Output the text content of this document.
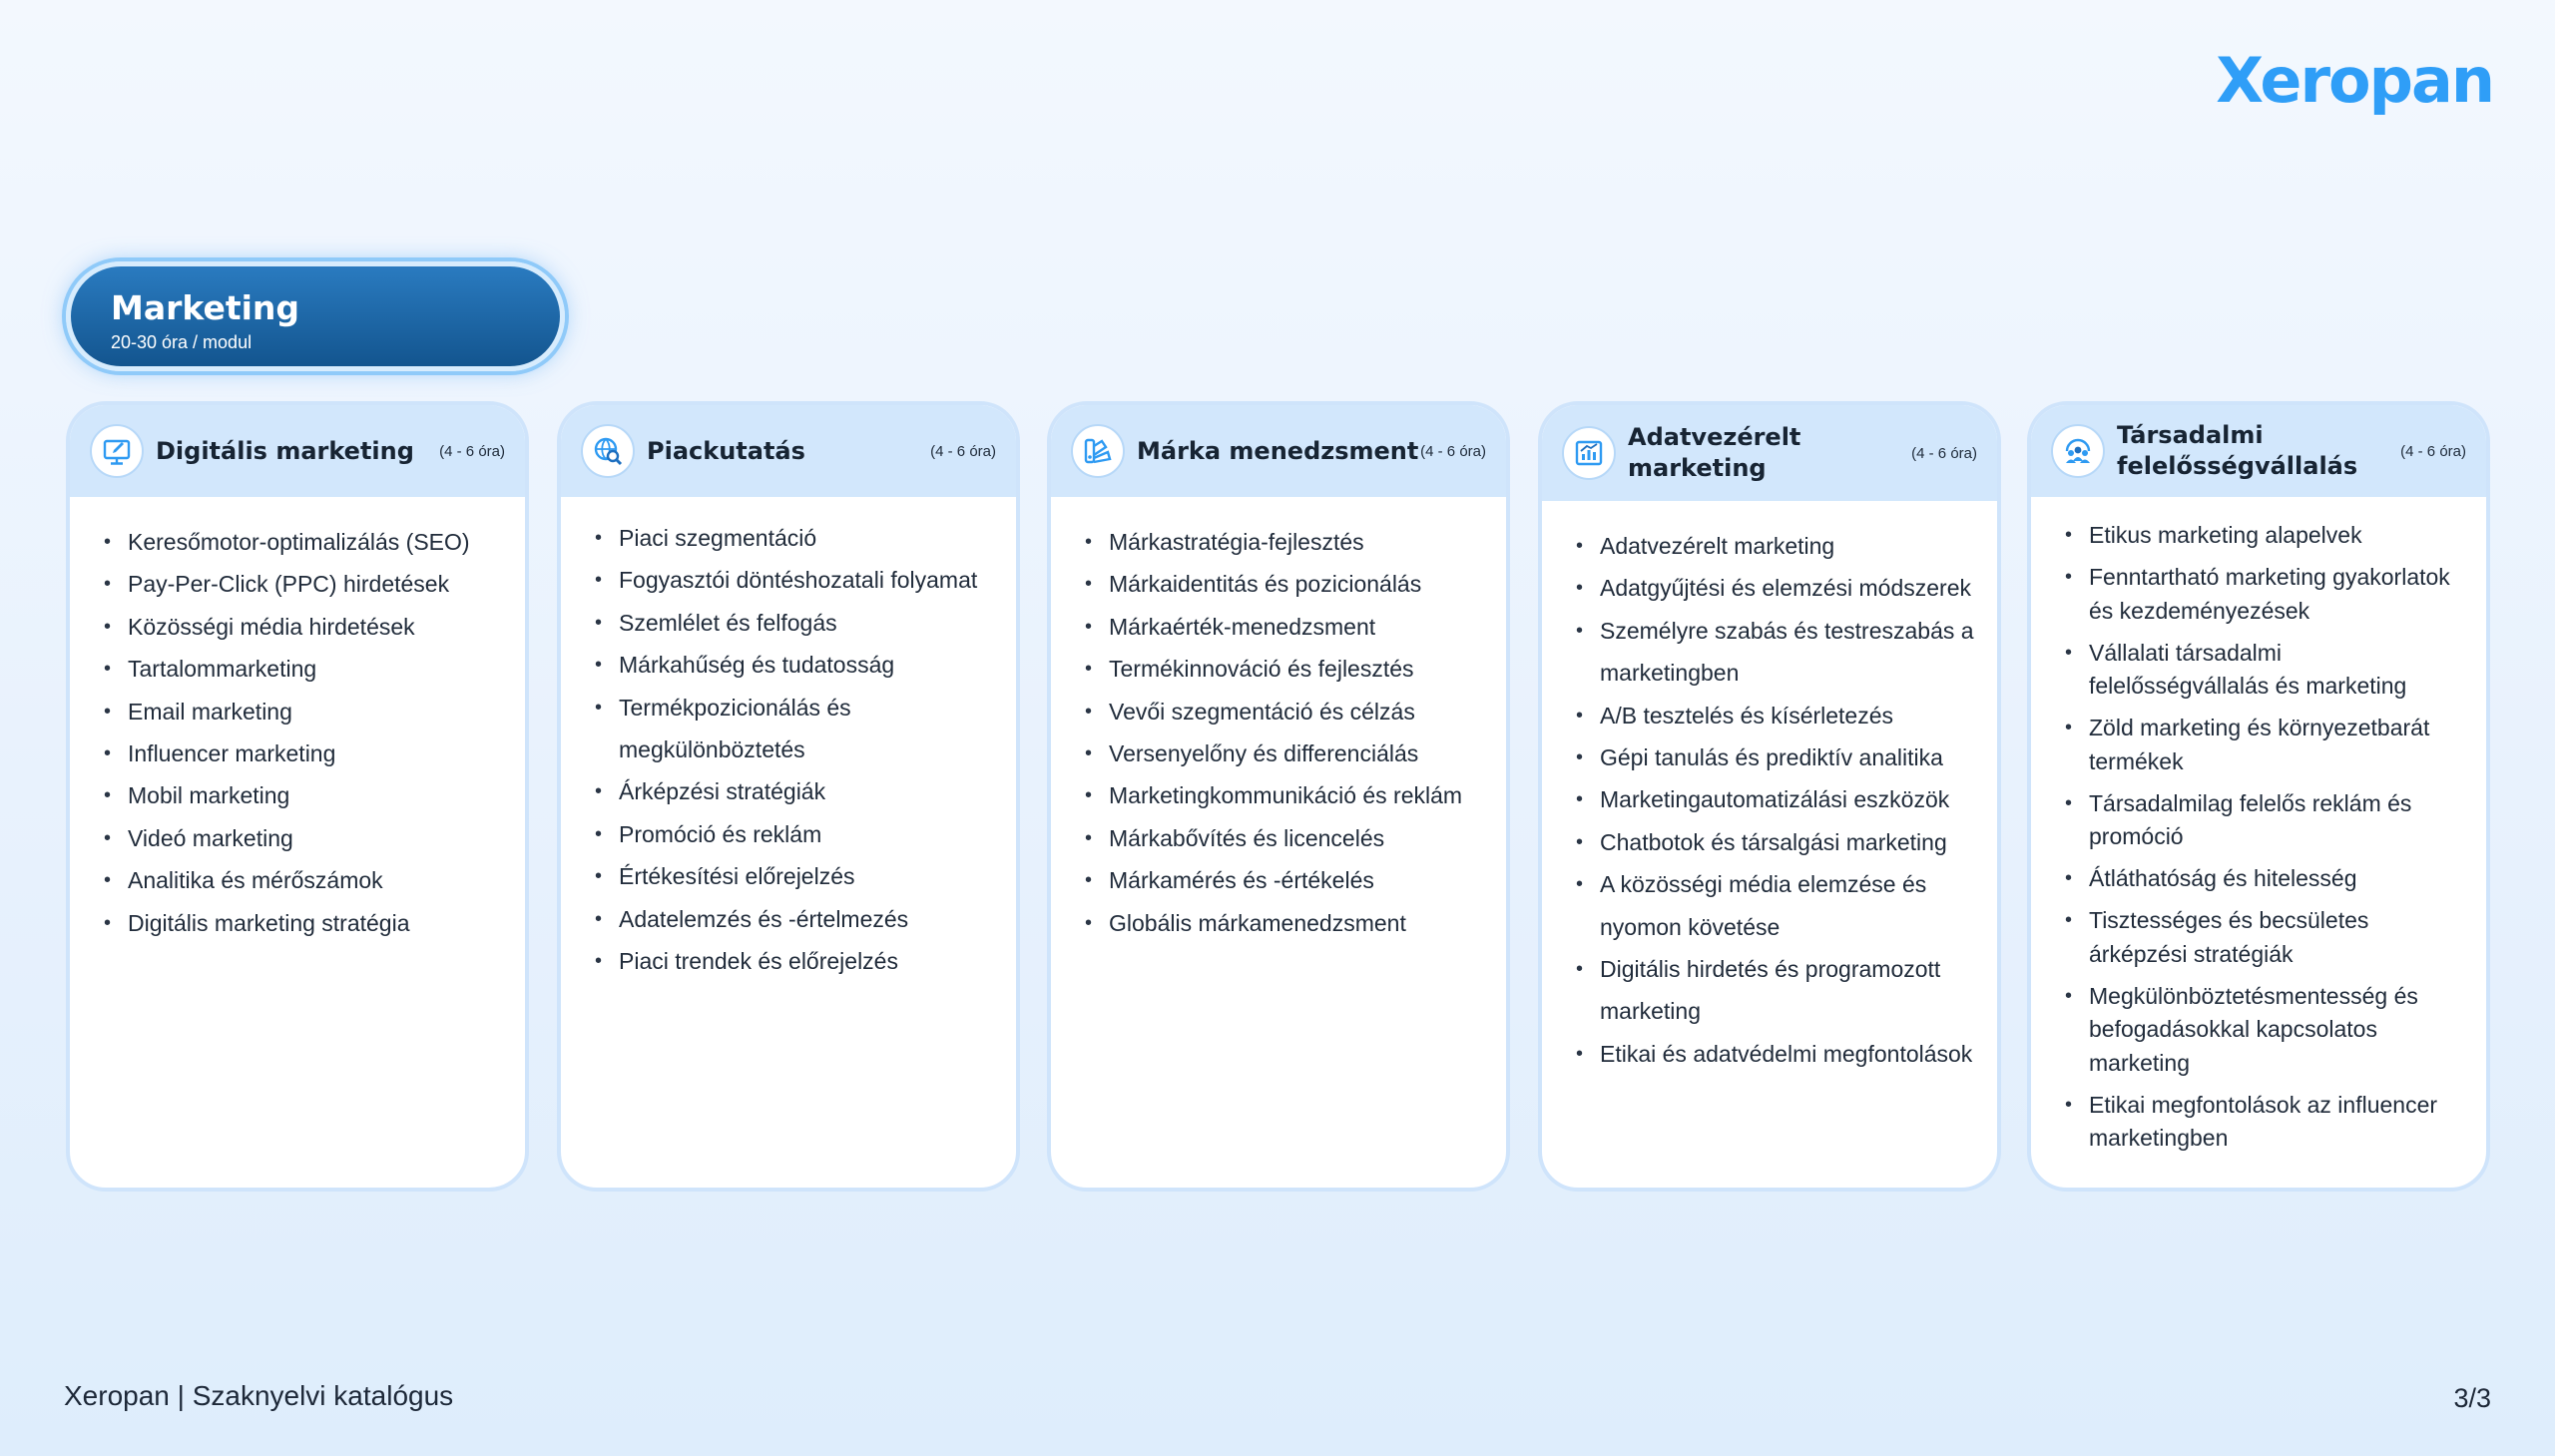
Xeropan
Marketing
20-30 óra / modul
Digitális marketing	(4 - 6 óra)
• Keresőmotor-optimalizálás (SEO)
• Pay-Per-Click (PPC) hirdetések
• Közösségi média hirdetések
• Tartalommarketing
• Email marketing
• Influencer marketing
• Mobil marketing
• Videó marketing
• Analitika és mérőszámok
• Digitális marketing stratégia
Piackutatás	(4 - 6 óra)
• Piaci szegmentáció
• Fogyasztói döntéshozatali folyamat
• Szemlélet és felfogás
• Márkahűség és tudatosság
• Termékpozicionálás és megkülönböztetés
• Árképzési stratégiák
• Promóció és reklám
• Értékesítési előrejelzés
• Adatelemzés és -értelmezés
• Piaci trendek és előrejelzés
Márka menedzsment (4 - 6 óra)
• Márkastratégia-fejlesztés
• Márkaidentitás és pozicionálás
• Márkaérték-menedzsment
• Termékinnováció és fejlesztés
• Vevői szegmentáció és célzás
• Versenyelőny és differenciálás
• Marketingkommunikáció és reklám
• Márkabővítés és licencelés
• Márkamérés és -értékelés
• Globális márkamenedzsment
Adatvezérelt marketing
(4 - 6 óra)
• Adatvezérelt marketing
• Adatgyűjtési és elemzési módszerek
• Személyre szabás és testreszabás a marketingben
• A/B tesztelés és kísérletezés
• Gépi tanulás és prediktív analitika
• Marketingautomatizálási eszközök
• Chatbotok és társalgási marketing
• A közösségi média elemzése és nyomon követése
• Digitális hirdetés és programozott marketing
• Etikai és adatvédelmi megfontolások
Társadalmi felelősségvállalás
(4 - 6 óra)
• Etikus marketing alapelvek
• Fenntartható marketing gyakorlatok és kezdeményezések
• Vállalati társadalmi felelősségvállalás és marketing
• Zöld marketing és környezetbarát termékek
• Társadalmilag felelős reklám és promóció
• Átláthatóság és hitelesség
• Tisztességes és becsületes árképzési stratégiák
• Megkülönböztetésmentesség és befogadásokkal kapcsolatos marketing
• Etikai megfontolások az influencer marketingben
Xeropan | Szaknyelvi katalógus	3/3
